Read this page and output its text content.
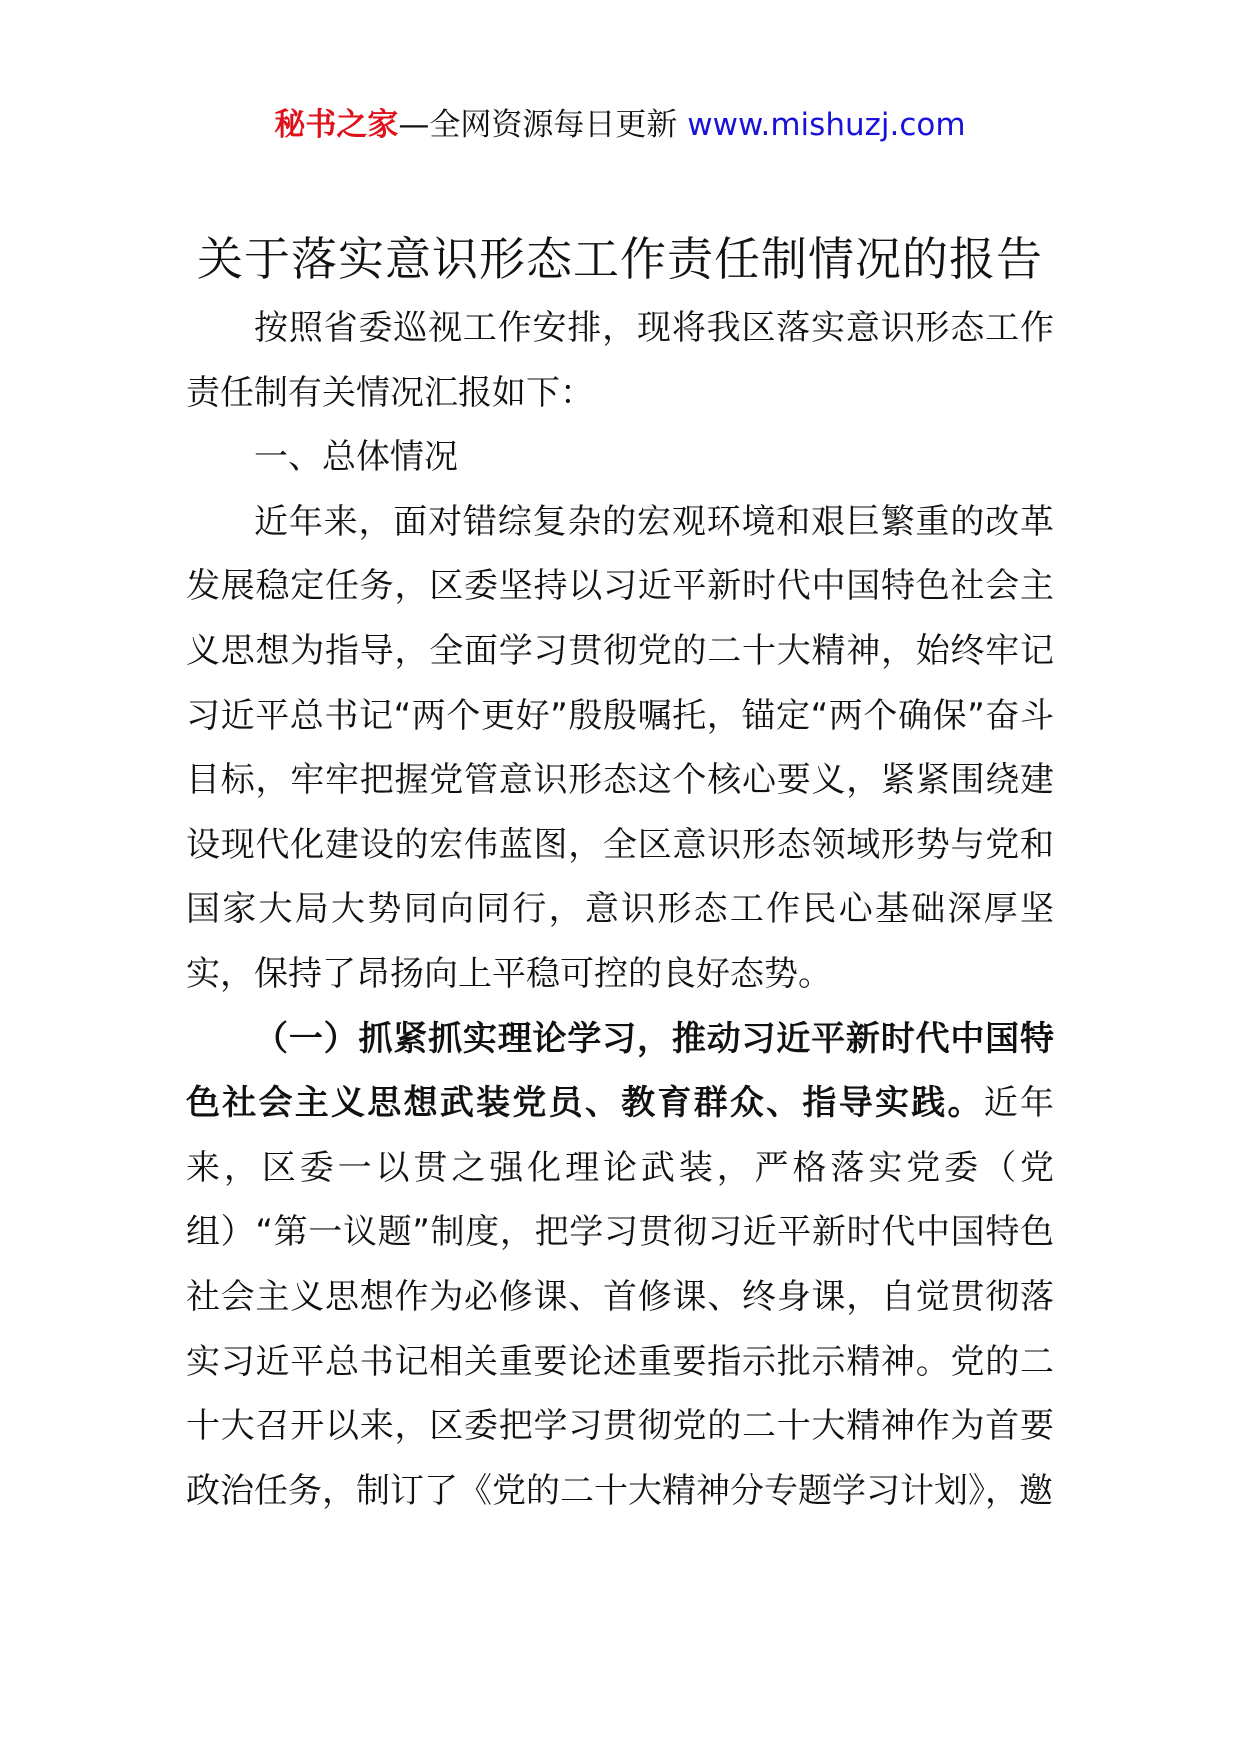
秘书之家—全网资源每日更新 www.mishuzj.com
关于落实意识形态工作责任制情况的报告

按照省委巡视工作安排，现将我区落实意识形态工作责任制有关情况汇报如下：

一、总体情况

近年来，面对错综复杂的宏观环境和艰巨繁重的改革发展稳定任务，区委坚持以习近平新时代中国特色社会主义思想为指导，全面学习贯彻党的二十大精神，始终牢记习近平总书记“两个更好”殷殷嘱托，锚定“两个确保”奋斗目标，牢牢把握党管意识形态这个核心要义，紧紧围绕建设现代化建设的宏伟蓝图，全区意识形态领域形势与党和国家大局大势同向同行，意识形态工作民心基础深厚坚实，保持了昂扬向上平稳可控的良好态势。

（一）抓紧抓实理论学习，推动习近平新时代中国特色社会主义思想武装党员、教育群众、指导实践。近年来，区委一以贯之强化理论武装，严格落实党委（党组）“第一议题”制度，把学习贯彻习近平新时代中国特色社会主义思想作为必修课、首修课、终身课，自觉贯彻落实习近平总书记相关重要论述重要指示批示精神。党的二十大召开以来，区委把学习贯彻党的二十大精神作为首要政治任务，制订了《党的二十大精神分专题学习计划》，邀
